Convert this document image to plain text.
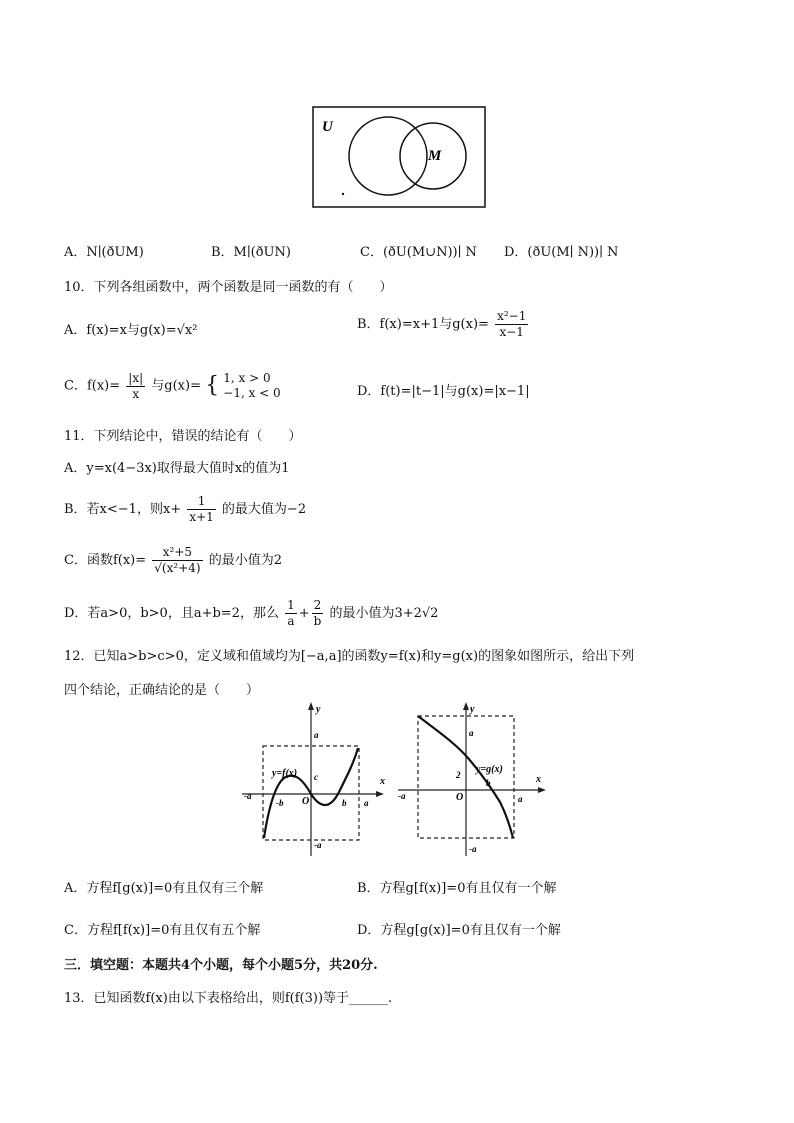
U
N	M
A．N∣(ðUM)	B．M∣(ðUN)	C．(ðU(M∪N))∣ N D．(ðU(M∣ N))∣ N
10．下列各组函数中，两个函数是同一函数的有（　　）
A．f(x)=x与g(x)=√x²	B．f(x)=x+1与$g(x)= \frac{\text{x²−1}}{x-1}$
C．$f(x)= \frac{|x|}{x}$ 与g(x)= { 1, x > 0
−1, x < 0	D．f(t)=|t−1|与g(x)=|x−1|
11．下列结论中，错误的结论有（　　）
A．y=x(4−3x)取得最大值时x的值为1
B．若x<−1，则$x+ \frac{1}{x+1}$ 的最大值为−2
C．函数$f(x)= \frac{\text{x²+5}}{\text{√(x²+4)}}$ 的最小值为2
D．若a>0，b>0，且a+b=2，那么 $\frac{1}{a} + \frac{2}{b}$ 的最小值为3+2√2
12．已知a>b>c>0，定义域和值域均为[−a,a]的函数y=f(x)和y=g(x)的图象如图所示，给出下列
四个结论，正确结论的是（　　）
y=f(x)
x
y
O
-a
-b	b a
a
c
-a
y=g(x)
x
y
O
-a	a
a
b
-a
2
A．方程f[g(x)]=0有且仅有三个解	B．方程g[f(x)]=0有且仅有一个解
C．方程f[f(x)]=0有且仅有五个解	D．方程g[g(x)]=0有且仅有一个解
三．填空题：本题共4个小题，每个小题5分，共20分.
13．已知函数f(x)由以下表格给出，则f(f(3))等于______.
